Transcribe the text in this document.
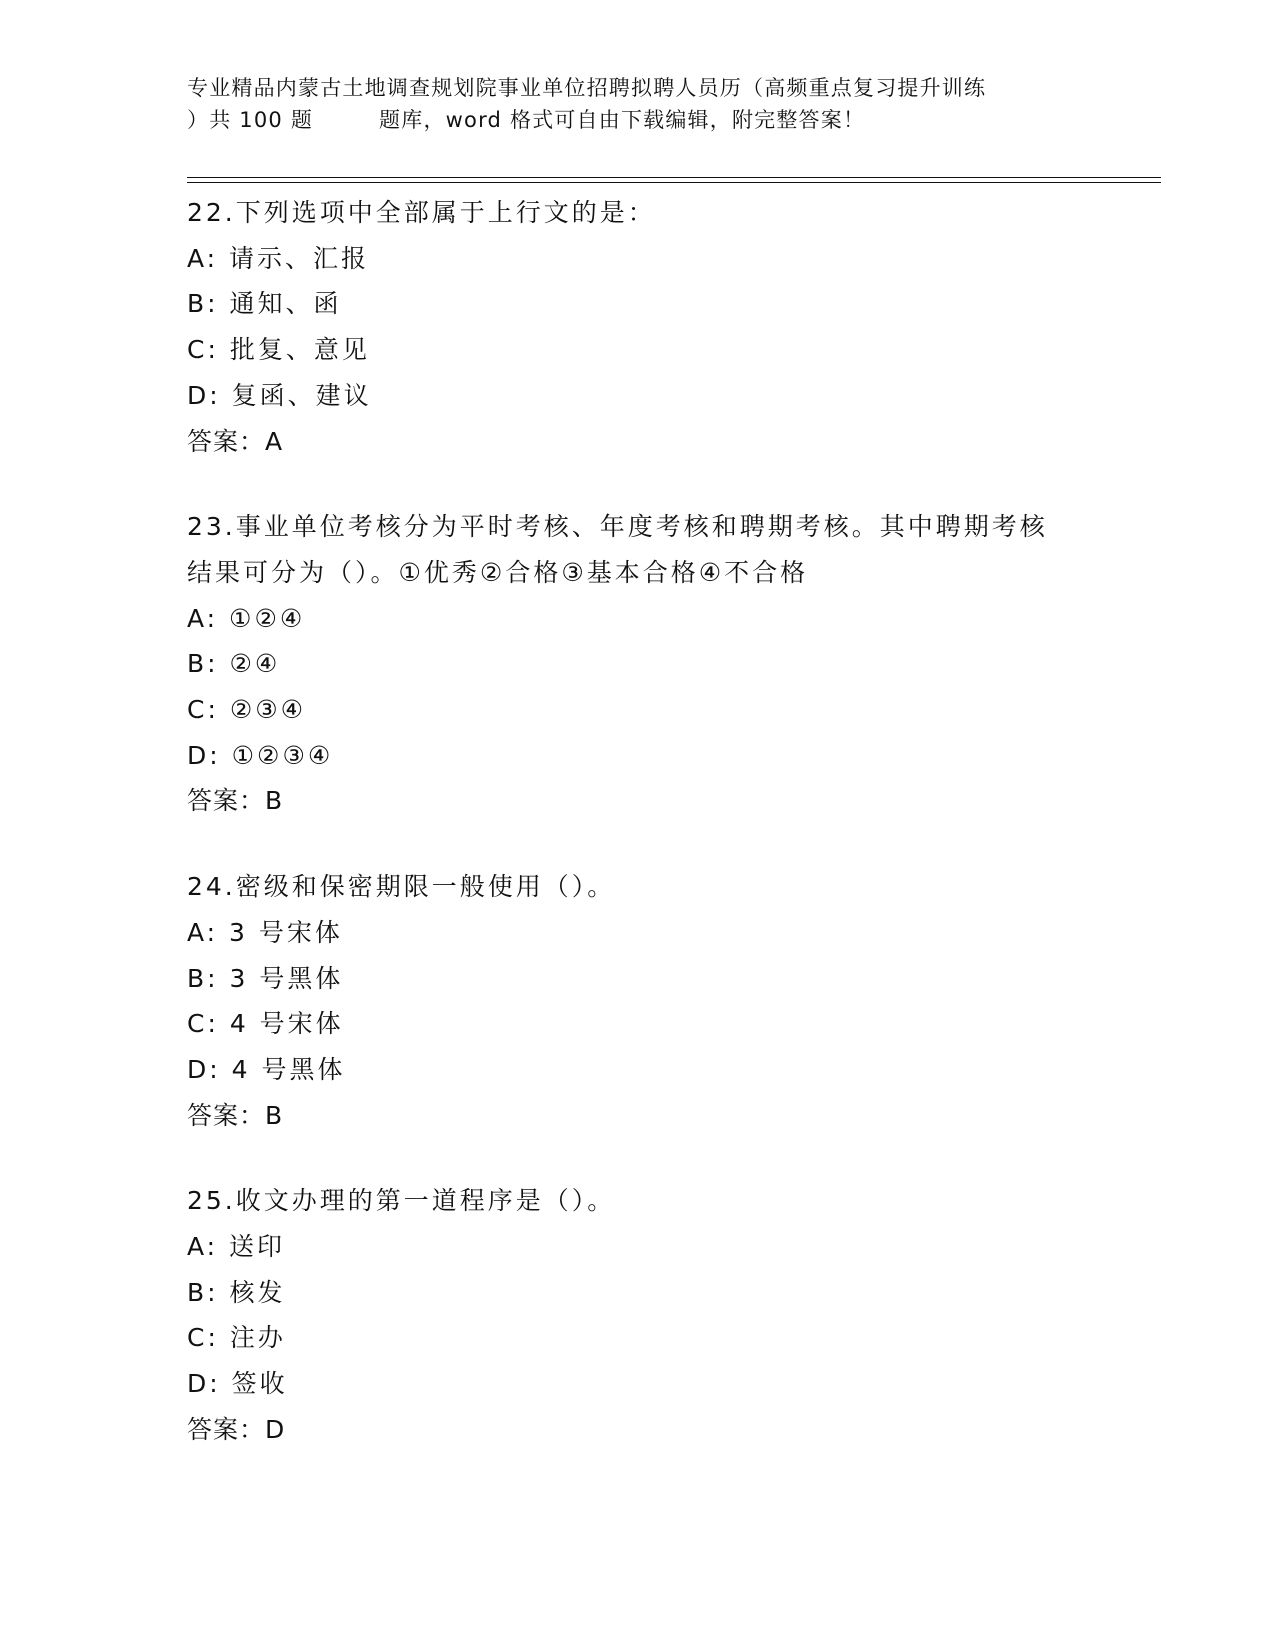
专业精品内蒙古土地调查规划院事业单位招聘拟聘人员历（高频重点复习提升训练
）共 100 题	题库，word 格式可自由下载编辑，附完整答案！
22.下列选项中全部属于上行文的是：
A: 请示、汇报
B: 通知、函
C: 批复、意见
D: 复函、建议
答案：A
23.事业单位考核分为平时考核、年度考核和聘期考核。其中聘期考核
结果可分为（）。①优秀②合格③基本合格④不合格
A: ①②④
B: ②④
C: ②③④
D: ①②③④
答案：B
24.密级和保密期限一般使用（）。
A: 3 号宋体
B: 3 号黑体
C: 4 号宋体
D: 4 号黑体
答案：B
25.收文办理的第一道程序是（）。
A: 送印
B: 核发
C: 注办
D: 签收
答案：D
